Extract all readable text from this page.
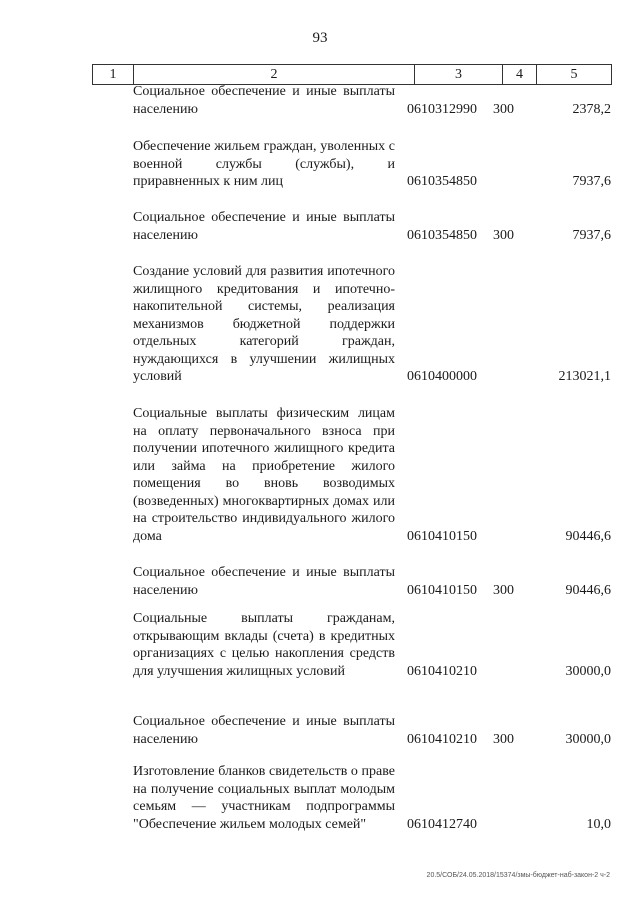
93
1	2	3	4	5
Социальное обеспечение и иные выплаты населению	0610312990 300	2378,2
Обеспечение жильем граждан, уволенных с военной службы (службы), и приравненных к ним лиц	0610354850	7937,6
Социальное обеспечение и иные выплаты населению	0610354850 300	7937,6
Создание условий для развития ипотечного жилищного кредитования и ипотечно-накопительной системы, реализация механизмов бюджетной поддержки отдельных категорий граждан, нуждающихся в улучшении жилищных условий	0610400000	213021,1
Социальные выплаты физическим лицам на оплату первоначального взноса при получении ипотечного жилищного кредита или займа на приобретение жилого помещения во вновь возводимых (возведенных) многоквартирных домах или на строительство индивидуального жилого дома	0610410150	90446,6
Социальное обеспечение и иные выплаты населению	0610410150 300	90446,6
Социальные выплаты гражданам, открывающим вклады (счета) в кредитных организациях с целью накопления средств для улучшения жилищных условий	0610410210	30000,0
Социальное обеспечение и иные выплаты населению	0610410210 300	30000,0
Изготовление бланков свидетельств о праве на получение социальных выплат молодым семьям — участникам подпрограммы "Обеспечение жильем молодых семей"	0610412740	10,0
20.5/СОБ/24.05.2018/15374/змы-бюджет-наб-закон-2 ч-2
